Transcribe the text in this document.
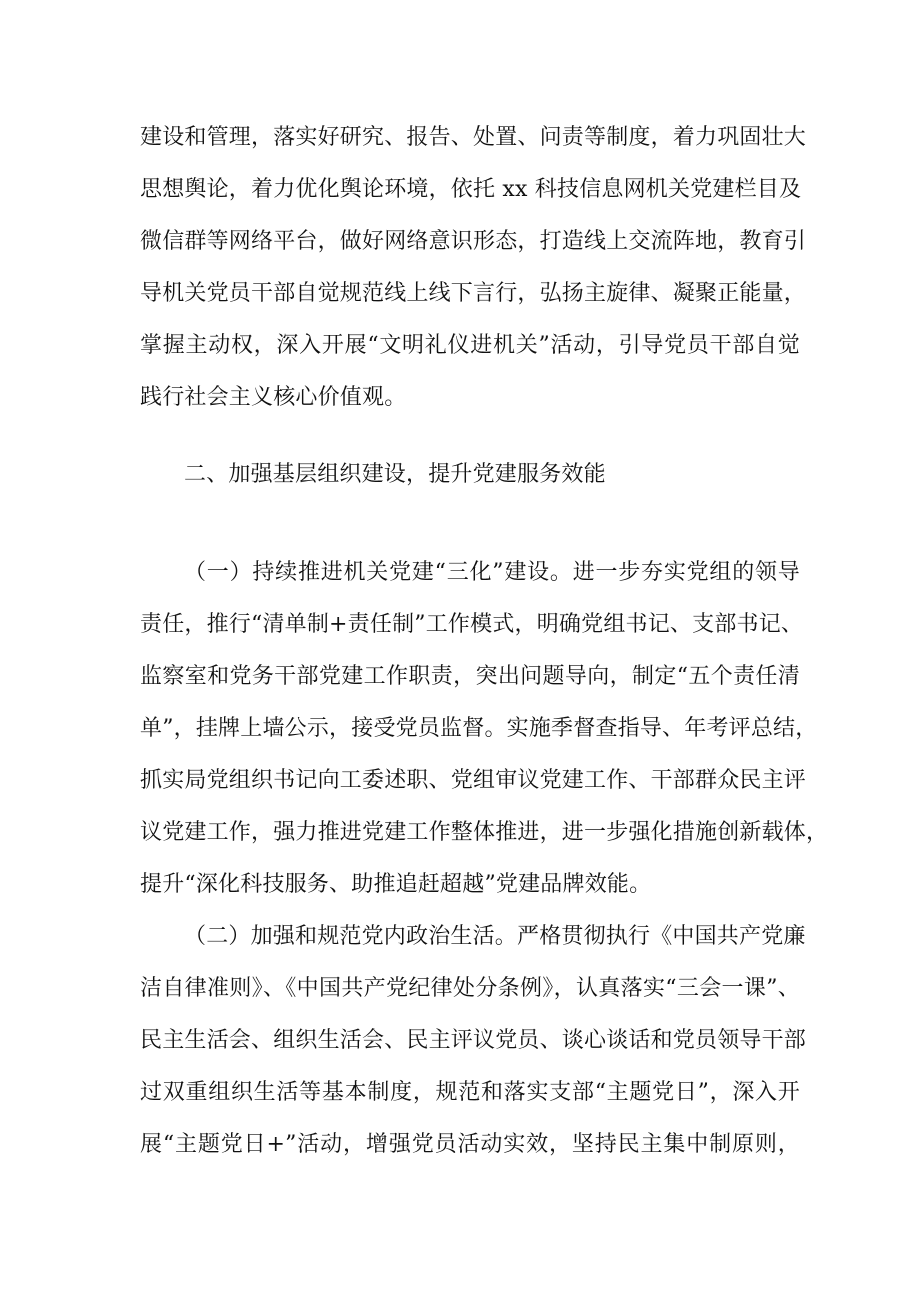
建设和管理，落实好研究、报告、处置、问责等制度，着力巩固壮大
思想舆论，着力优化舆论环境，依托 xx 科技信息网机关党建栏目及
微信群等网络平台，做好网络意识形态，打造线上交流阵地，教育引
导机关党员干部自觉规范线上线下言行，弘扬主旋律、凝聚正能量，
掌握主动权，深入开展“文明礼仪进机关”活动，引导党员干部自觉
践行社会主义核心价值观。
二、加强基层组织建设，提升党建服务效能
（一）持续推进机关党建“三化”建设。进一步夯实党组的领导
责任，推行“清单制+责任制”工作模式，明确党组书记、支部书记、
监察室和党务干部党建工作职责，突出问题导向，制定“五个责任清
单”，挂牌上墙公示，接受党员监督。实施季督查指导、年考评总结，
抓实局党组织书记向工委述职、党组审议党建工作、干部群众民主评
议党建工作，强力推进党建工作整体推进，进一步强化措施创新载体，
提升“深化科技服务、助推追赶超越”党建品牌效能。
（二）加强和规范党内政治生活。严格贯彻执行《中国共产党廉
洁自律准则》、《中国共产党纪律处分条例》，认真落实“三会一课”、
民主生活会、组织生活会、民主评议党员、谈心谈话和党员领导干部
过双重组织生活等基本制度，规范和落实支部“主题党日”，深入开
展“主题党日+”活动，增强党员活动实效，坚持民主集中制原则，
